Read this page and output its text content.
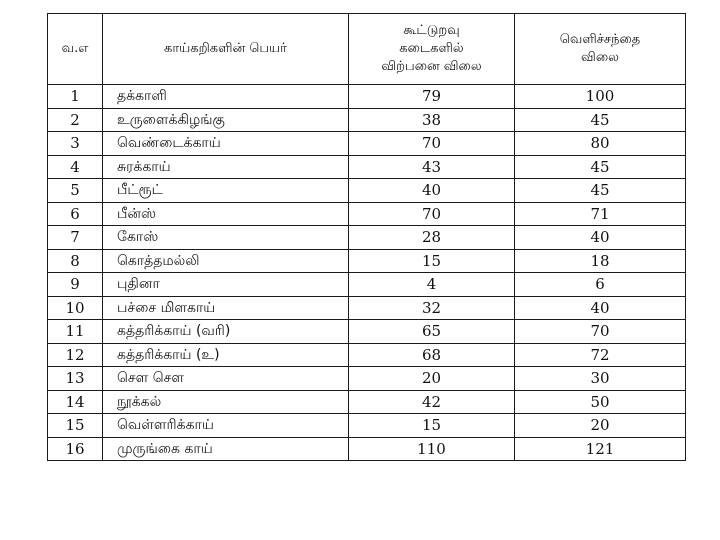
வ.எ	காய்கறிகளின் பெயர்	கூட்டுறவு
கடைகளில்
விற்பனை விலை	வெளிச்சந்தை
விலை
1	தக்காளி	79	100
2	உருளைக்கிழங்கு	38	45
3	வெண்டைக்காய்	70	80
4	சுரக்காய்	43	45
5	பீட்ரூட்	40	45
6	பீன்ஸ்	70	71
7	கோஸ்	28	40
8	கொத்தமல்லி	15	18
9	புதினா	4	6
10	பச்சை மிளகாய்	32	40
11	கத்தரிக்காய் (வரி)	65	70
12	கத்தரிக்காய் (உ)	68	72
13	சௌ சௌ	20	30
14	நூக்கல்	42	50
15	வெள்ளரிக்காய்	15	20
16	முருங்கை காய்	110	121
